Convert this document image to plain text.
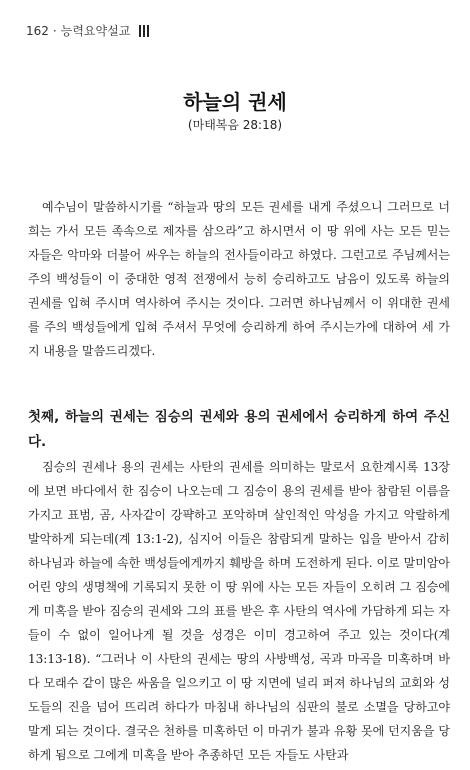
162 · 능력요약설교
하늘의 권세
(마태복음 28:18)

예수님이 말씀하시기를 “하늘과 땅의 모든 권세를 내게 주셨으니 그러므로 너희는 가서 모든 족속으로 제자를 삼으라”고 하시면서 이 땅 위에 사는 모든 믿는 자들은 악마와 더불어 싸우는 하늘의 전사들이라고 하였다. 그런고로 주님께서는 주의 백성들이 이 중대한 영적 전쟁에서 능히 승리하고도 남음이 있도록 하늘의 권세를 입혀 주시며 역사하여 주시는 것이다. 그러면 하나님께서 이 위대한 권세를 주의 백성들에게 입혀 주셔서 무엇에 승리하게 하여 주시는가에 대하여 세 가지 내용을 말씀드리겠다.

첫째, 하늘의 권세는 짐승의 권세와 용의 권세에서 승리하게 하여 주신다.

짐승의 권세나 용의 권세는 사탄의 권세를 의미하는 말로서 요한계시록 13장에 보면 바다에서 한 짐승이 나오는데 그 짐승이 용의 권세를 받아 참람된 이름을 가지고 표범, 곰, 사자같이 강퍅하고 포악하며 살인적인 악성을 가지고 악랄하게 발악하게 되는데(계 13:1-2), 심지어 이들은 참람되게 말하는 입을 받아서 감히 하나님과 하늘에 속한 백성들에게까지 훼방을 하며 도전하게 된다. 이로 말미암아 어린 양의 생명책에 기록되지 못한 이 땅 위에 사는 모든 자들이 오히려 그 짐승에게 미혹을 받아 짐승의 권세와 그의 표를 받은 후 사탄의 역사에 가담하게 되는 자들이 수 없이 일어나게 될 것을 성경은 이미 경고하여 주고 있는 것이다(계 13:13-18). “그러나 이 사탄의 권세는 땅의 사방백성, 곡과 마곡을 미혹하며 바다 모래수 같이 많은 싸움을 일으키고 이 땅 지면에 널리 퍼져 하나님의 교회와 성도들의 진을 넘어 뜨리려 하다가 마침내 하나님의 심판의 불로 소멸을 당하고야 말게 되는 것이다. 결국은 천하를 미혹하던 이 마귀가 불과 유황 못에 던지움을 당하게 됨으로 그에게 미혹을 받아 추종하던 모든 자들도 사탄과
